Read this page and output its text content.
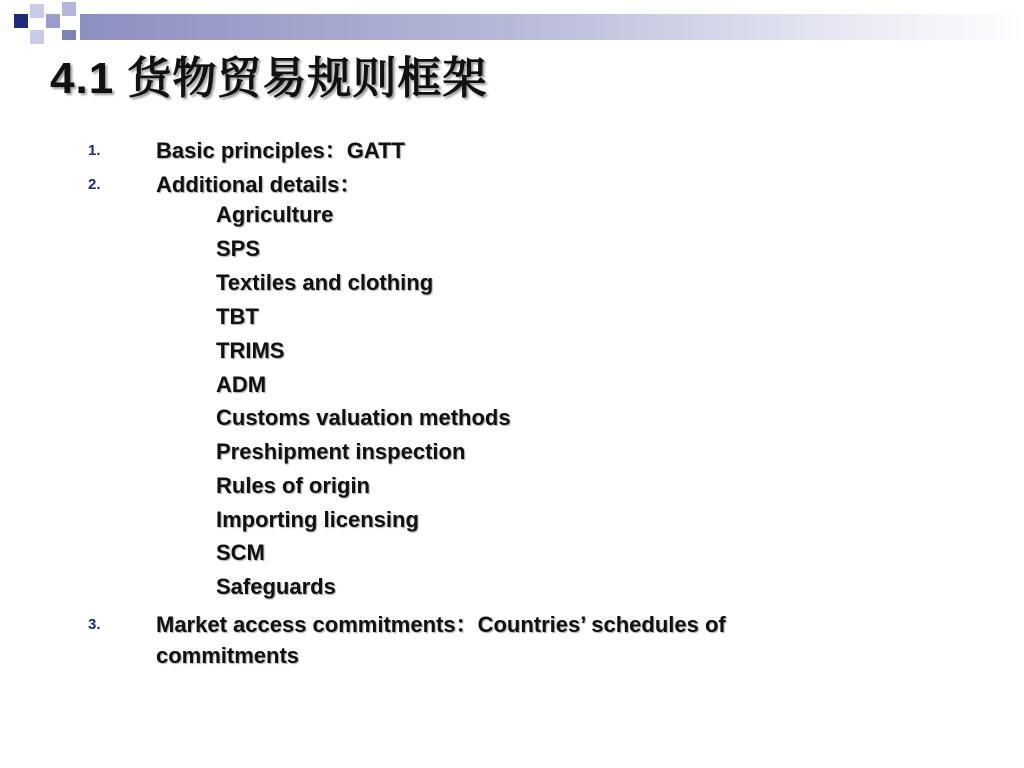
4.1 货物贸易规则框架
1.	Basic principles：GATT
2.	Additional details：
Agriculture
SPS
Textiles and clothing
TBT
TRIMS
ADM
Customs valuation methods
Preshipment inspection
Rules of origin
Importing licensing
SCM
Safeguards
3.	Market access commitments：Countries’ schedules of
commitments
